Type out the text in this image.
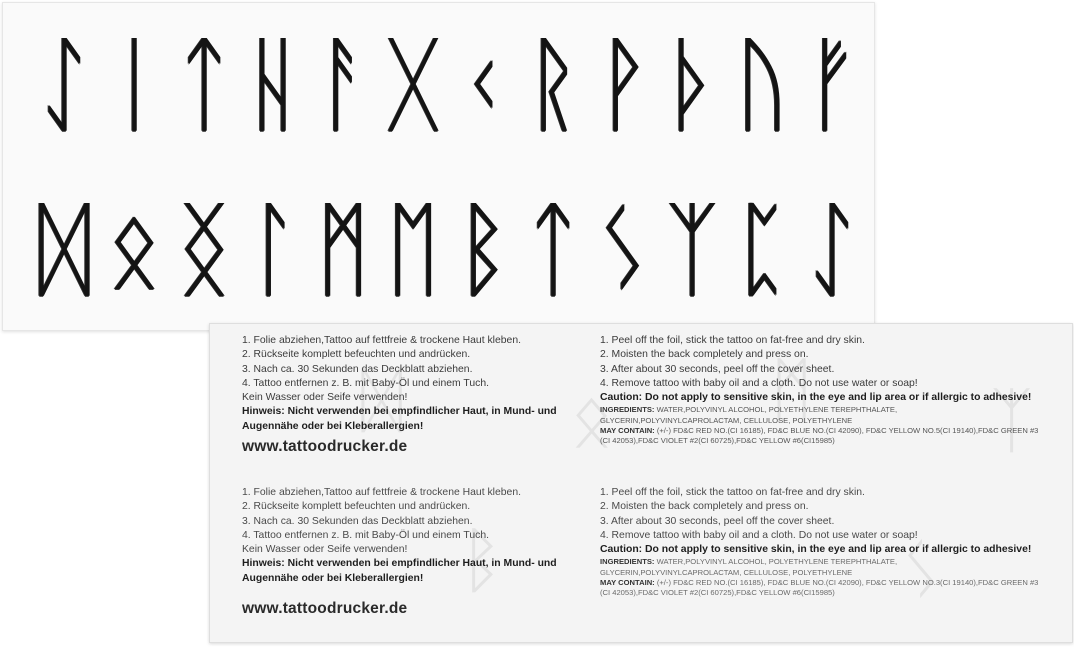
ᛇ ᛁ ᛏ ᚺ ᚨ ᚷ ᚲ ᚱ ᚹ ᚦ ᚢ ᚠ
ᛞ ᛟ ᛝ ᛚ ᛗ ᛖ ᛒ ᛏ ᛊ ᛉ ᛈ ᛇ
ᛞ ᛟ ᛗ ᛉ
ᛒ	ᛊ
1. Folie abziehen,Tattoo auf fettfreie & trockene Haut kleben.
2. Rückseite komplett befeuchten und andrücken.
3. Nach ca. 30 Sekunden das Deckblatt abziehen.
4. Tattoo entfernen z. B. mit Baby-Öl und einem Tuch.
Kein Wasser oder Seife verwenden!
Hinweis: Nicht verwenden bei empfindlicher Haut, in Mund- und Augennähe oder bei Kleberallergien!
www.tattoodrucker.de
1. Peel off the foil, stick the tattoo on fat-free and dry skin.
2. Moisten the back completely and press on.
3. After about 30 seconds, peel off the cover sheet.
4. Remove tattoo with baby oil and a cloth. Do not use water or soap!
Caution: Do not apply to sensitive skin, in the eye and lip area or if allergic to adhesive!
INGREDIENTS: WATER,POLYVINYL ALCOHOL, POLYETHYLENE TEREPHTHALATE, GLYCERIN,POLYVINYLCAPROLACTAM, CELLULOSE, POLYETHYLENE
MAY CONTAIN: (+/-) FD&C RED NO.(CI 16185), FD&C BLUE NO.(CI 42090), FD&C YELLOW NO.5(CI 19140),FD&C GREEN #3 (CI 42053),FD&C VIOLET #2(CI 60725),FD&C YELLOW #6(CI15985)
1. Folie abziehen,Tattoo auf fettfreie & trockene Haut kleben.
2. Rückseite komplett befeuchten und andrücken.
3. Nach ca. 30 Sekunden das Deckblatt abziehen.
4. Tattoo entfernen z. B. mit Baby-Öl und einem Tuch.
Kein Wasser oder Seife verwenden!
Hinweis: Nicht verwenden bei empfindlicher Haut, in Mund- und Augennähe oder bei Kleberallergien!
www.tattoodrucker.de
1. Peel off the foil, stick the tattoo on fat-free and dry skin.
2. Moisten the back completely and press on.
3. After about 30 seconds, peel off the cover sheet.
4. Remove tattoo with baby oil and a cloth. Do not use water or soap!
Caution: Do not apply to sensitive skin, in the eye and lip area or if allergic to adhesive!
INGREDIENTS: WATER,POLYVINYL ALCOHOL, POLYETHYLENE TEREPHTHALATE, GLYCERIN,POLYVINYLCAPROLACTAM, CELLULOSE, POLYETHYLENE
MAY CONTAIN: (+/-) FD&C RED NO.(CI 16185), FD&C BLUE NO.(CI 42090), FD&C YELLOW NO.3(CI 19140),FD&C GREEN #3 (CI 42053),FD&C VIOLET #2(CI 60725),FD&C YELLOW #6(CI15985)
